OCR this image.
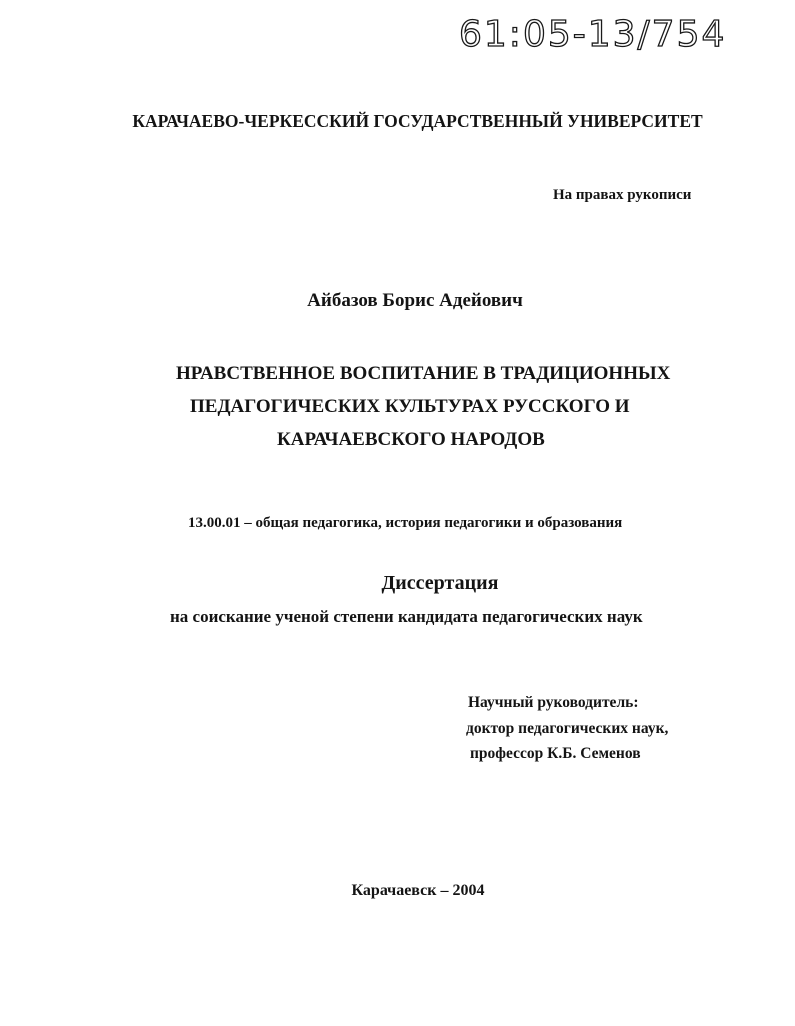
61:05-13/754
КАРАЧАЕВО-ЧЕРКЕССКИЙ ГОСУДАРСТВЕННЫЙ УНИВЕРСИТЕТ
На правах рукописи
Айбазов Борис Адейович
НРАВСТВЕННОЕ ВОСПИТАНИЕ В ТРАДИЦИОННЫХ
ПЕДАГОГИЧЕСКИХ КУЛЬТУРАХ РУССКОГО И
КАРАЧАЕВСКОГО НАРОДОВ
13.00.01 – общая педагогика, история педагогики и образования
Диссертация
на соискание ученой степени кандидата педагогических наук
Научный руководитель:
доктор педагогических наук,
профессор К.Б. Семенов
Карачаевск – 2004
